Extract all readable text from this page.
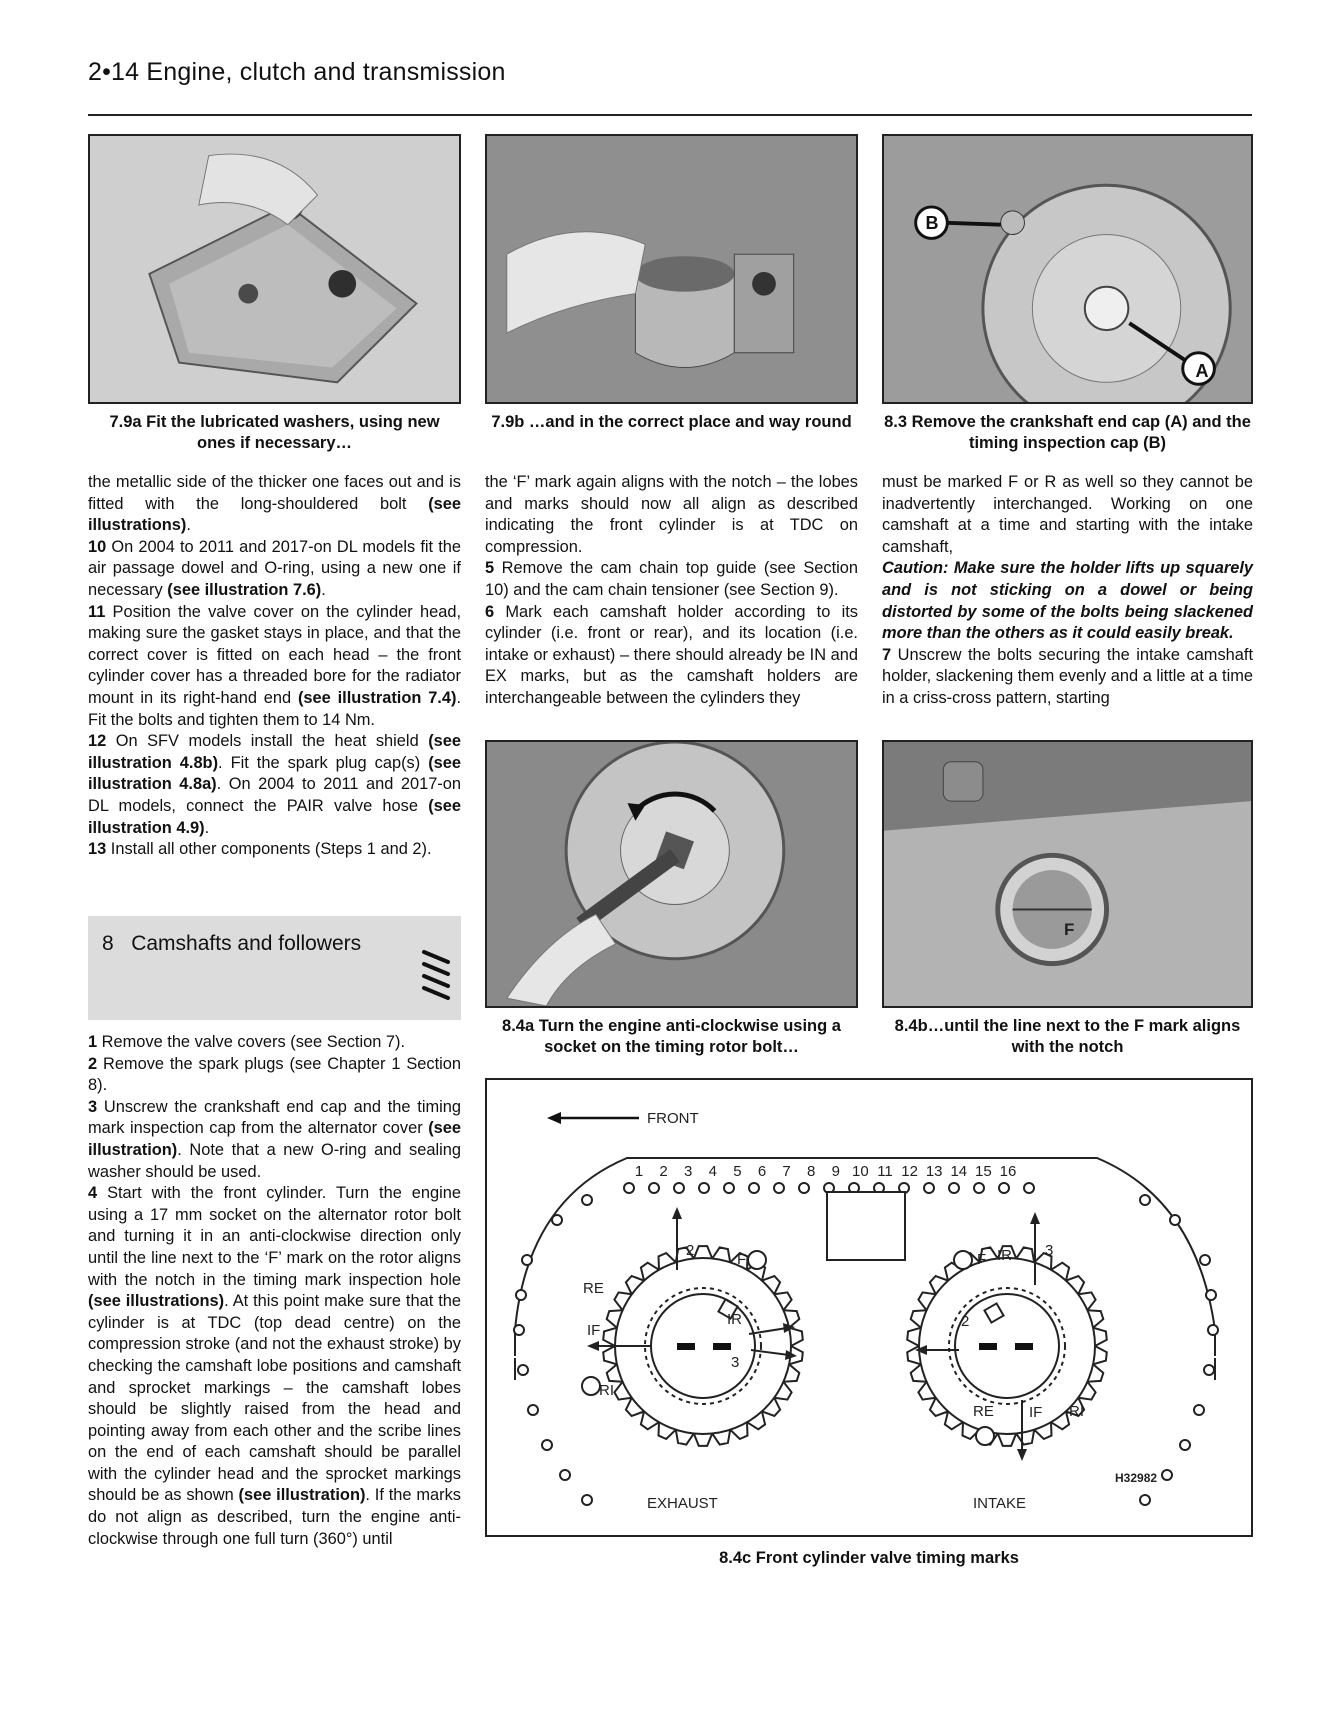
2•14 Engine, clutch and transmission
7.9a Fit the lubricated washers, using new ones if necessary…
7.9b …and in the correct place and way round
B
A
8.3 Remove the crankshaft end cap (A) and the timing inspection cap (B)

the metallic side of the thicker one faces out and is fitted with the long-shouldered bolt (see illustrations).

10 On 2004 to 2011 and 2017-on DL models fit the air passage dowel and O-ring, using a new one if necessary (see illustration 7.6).

11 Position the valve cover on the cylinder head, making sure the gasket stays in place, and that the correct cover is fitted on each head – the front cylinder cover has a threaded bore for the radiator mount in its right-hand end (see illustration 7.4). Fit the bolts and tighten them to 14 Nm.

12 On SFV models install the heat shield (see illustration 4.8b). Fit the spark plug cap(s) (see illustration 4.8a). On 2004 to 2011 and 2017-on DL models, connect the PAIR valve hose (see illustration 4.9).

13 Install all other components (Steps 1 and 2).

8 Camshafts and followers

1 Remove the valve covers (see Section 7).

2 Remove the spark plugs (see Chapter 1 Section 8).

3 Unscrew the crankshaft end cap and the timing mark inspection cap from the alternator cover (see illustration). Note that a new O-ring and sealing washer should be used.

4 Start with the front cylinder. Turn the engine using a 17 mm socket on the alternator rotor bolt and turning it in an anti-clockwise direction only until the line next to the ‘F’ mark on the rotor aligns with the notch in the timing mark inspection hole (see illustrations). At this point make sure that the cylinder is at TDC (top dead centre) on the compression stroke (and not the exhaust stroke) by checking the camshaft lobe positions and camshaft and sprocket markings – the camshaft lobes should be slightly raised from the head and pointing away from each other and the scribe lines on the end of each camshaft should be parallel with the cylinder head and the sprocket markings should be as shown (see illustration). If the marks do not align as described, turn the engine anti-clockwise through one full turn (360°) until

the ‘F’ mark again aligns with the notch – the lobes and marks should now all align as described indicating the front cylinder is at TDC on compression.

5 Remove the cam chain top guide (see Section 10) and the cam chain tensioner (see Section 9).

6 Mark each camshaft holder according to its cylinder (i.e. front or rear), and its location (i.e. intake or exhaust) – there should already be IN and EX marks, but as the camshaft holders are interchangeable between the cylinders they

must be marked F or R as well so they cannot be inadvertently interchanged. Working on one camshaft at a time and starting with the intake camshaft,

Caution: Make sure the holder lifts up squarely and is not sticking on a dowel or being distorted by some of the bolts being slackened more than the others as it could easily break.

7 Unscrew the bolts securing the intake camshaft holder, slackening them evenly and a little at a time in a criss-cross pattern, starting

8.4a Turn the engine anti-clockwise using a socket on the timing rotor bolt…
F
8.4b…until the line next to the F mark aligns with the notch
FRONT
1 2 3 4 5 6 7 8 9 10 11 12 13 14 15 16
RE
IF
RI
IR
F
2
3
EXHAUST
F IR 3
2
RE IF RI
INTAKE
H32982
8.4c Front cylinder valve timing marks
